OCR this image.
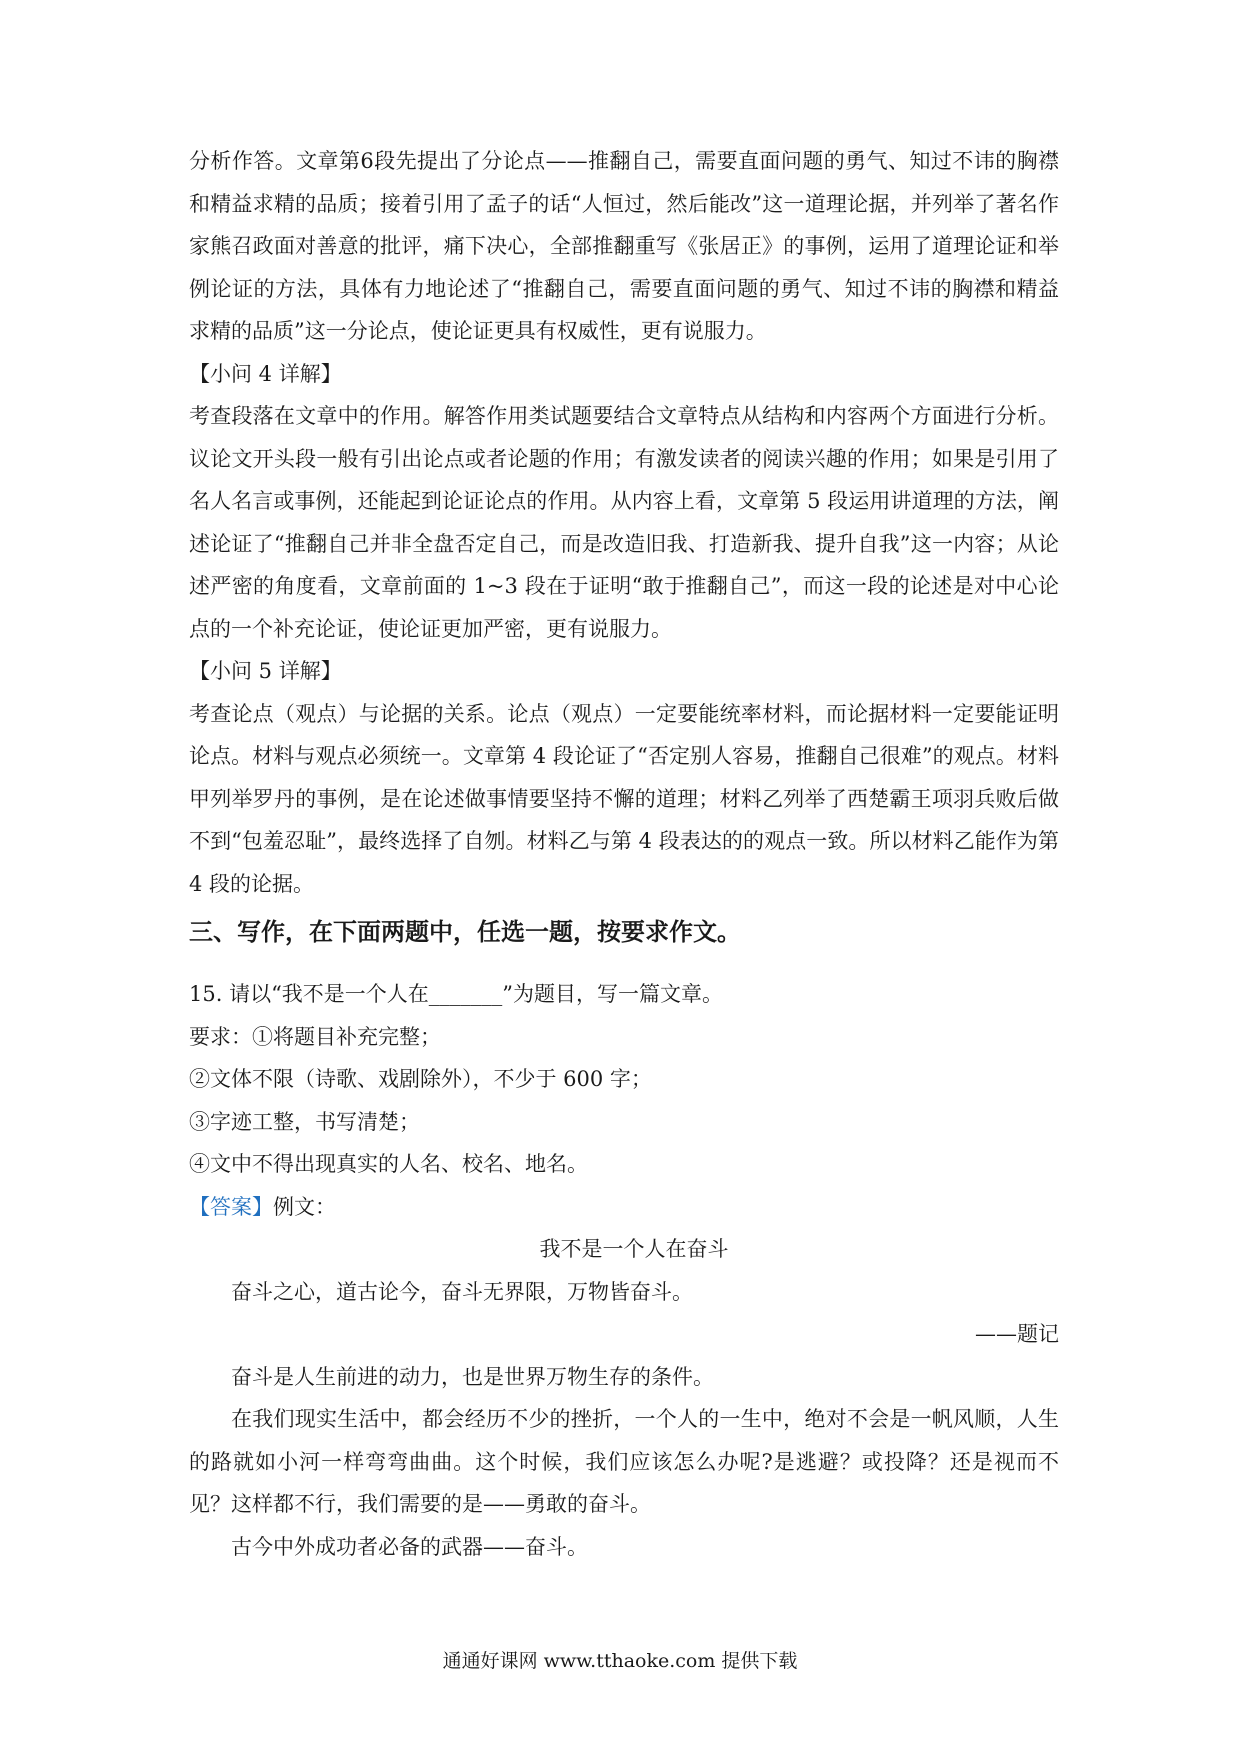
分析作答。文章第6段先提出了分论点——推翻自己，需要直面问题的勇气、知过不讳的胸襟和精益求精的品质；接着引用了孟子的话“人恒过，然后能改”这一道理论据，并列举了著名作家熊召政面对善意的批评，痛下决心，全部推翻重写《张居正》的事例，运用了道理论证和举例论证的方法，具体有力地论述了“推翻自己，需要直面问题的勇气、知过不讳的胸襟和精益求精的品质”这一分论点，使论证更具有权威性，更有说服力。

【小问 4 详解】

考查段落在文章中的作用。解答作用类试题要结合文章特点从结构和内容两个方面进行分析。议论文开头段一般有引出论点或者论题的作用；有激发读者的阅读兴趣的作用；如果是引用了名人名言或事例，还能起到论证论点的作用。从内容上看，文章第 5 段运用讲道理的方法，阐述论证了“推翻自己并非全盘否定自己，而是改造旧我、打造新我、提升自我”这一内容；从论述严密的角度看，文章前面的 1~3 段在于证明“敢于推翻自己”，而这一段的论述是对中心论点的一个补充论证，使论证更加严密，更有说服力。

【小问 5 详解】

考查论点（观点）与论据的关系。论点（观点）一定要能统率材料，而论据材料一定要能证明论点。材料与观点必须统一。文章第 4 段论证了“否定别人容易，推翻自己很难”的观点。材料甲列举罗丹的事例，是在论述做事情要坚持不懈的道理；材料乙列举了西楚霸王项羽兵败后做不到“包羞忍耻”，最终选择了自刎。材料乙与第 4 段表达的的观点一致。所以材料乙能作为第 4 段的论据。

三、写作，在下面两题中，任选一题，按要求作文。

15. 请以“我不是一个人在_______”为题目，写一篇文章。

要求：①将题目补充完整；

②文体不限（诗歌、戏剧除外），不少于 600 字；

③字迹工整，书写清楚；

④文中不得出现真实的人名、校名、地名。

【答案】例文：

我不是一个人在奋斗

奋斗之心，道古论今，奋斗无界限，万物皆奋斗。

——题记

奋斗是人生前进的动力，也是世界万物生存的条件。

在我们现实生活中，都会经历不少的挫折，一个人的一生中，绝对不会是一帆风顺，人生的路就如小河一样弯弯曲曲。这个时候，我们应该怎么办呢?是逃避？或投降？还是视而不见？这样都不行，我们需要的是——勇敢的奋斗。

古今中外成功者必备的武器——奋斗。

通通好课网 www.tthaoke.com 提供下载
